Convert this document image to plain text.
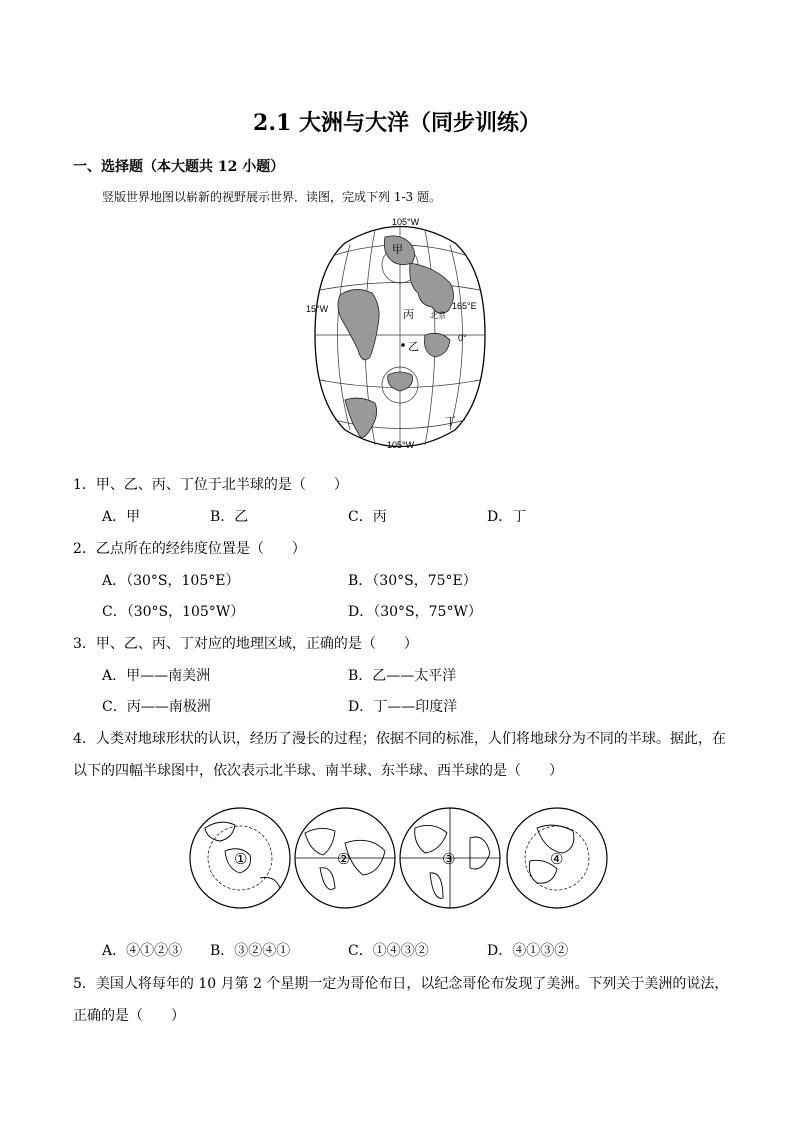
2.1 大洲与大洋（同步训练）
一、选择题（本大题共 12 小题）
竖版世界地图以崭新的视野展示世界．读图，完成下列 1-3 题。
105°W
105°W
15°W	165°E
0°
北京
甲
乙
丙
丁
1．甲、乙、丙、丁位于北半球的是（　　）
A．甲	B．乙	C．丙	D．丁
2．乙点所在的经纬度位置是（　　）
A．（30°S，105°E）	B．（30°S，75°E）
C．（30°S，105°W）	D．（30°S，75°W）
3．甲、乙、丙、丁对应的地理区域，正确的是（　　）
A．甲——南美洲	B．乙——太平洋
C．丙——南极洲	D．丁——印度洋
4．人类对地球形状的认识，经历了漫长的过程；依据不同的标准，人们将地球分为不同的半球。据此，在
以下的四幅半球图中，依次表示北半球、南半球、东半球、西半球的是（　　）
①	②	③	④
A．④①②③ B．③②④①	C．①④③②	D．④①③②
5．美国人将每年的 10 月第 2 个星期一定为哥伦布日，以纪念哥伦布发现了美洲。下列关于美洲的说法，
正确的是（　　）
